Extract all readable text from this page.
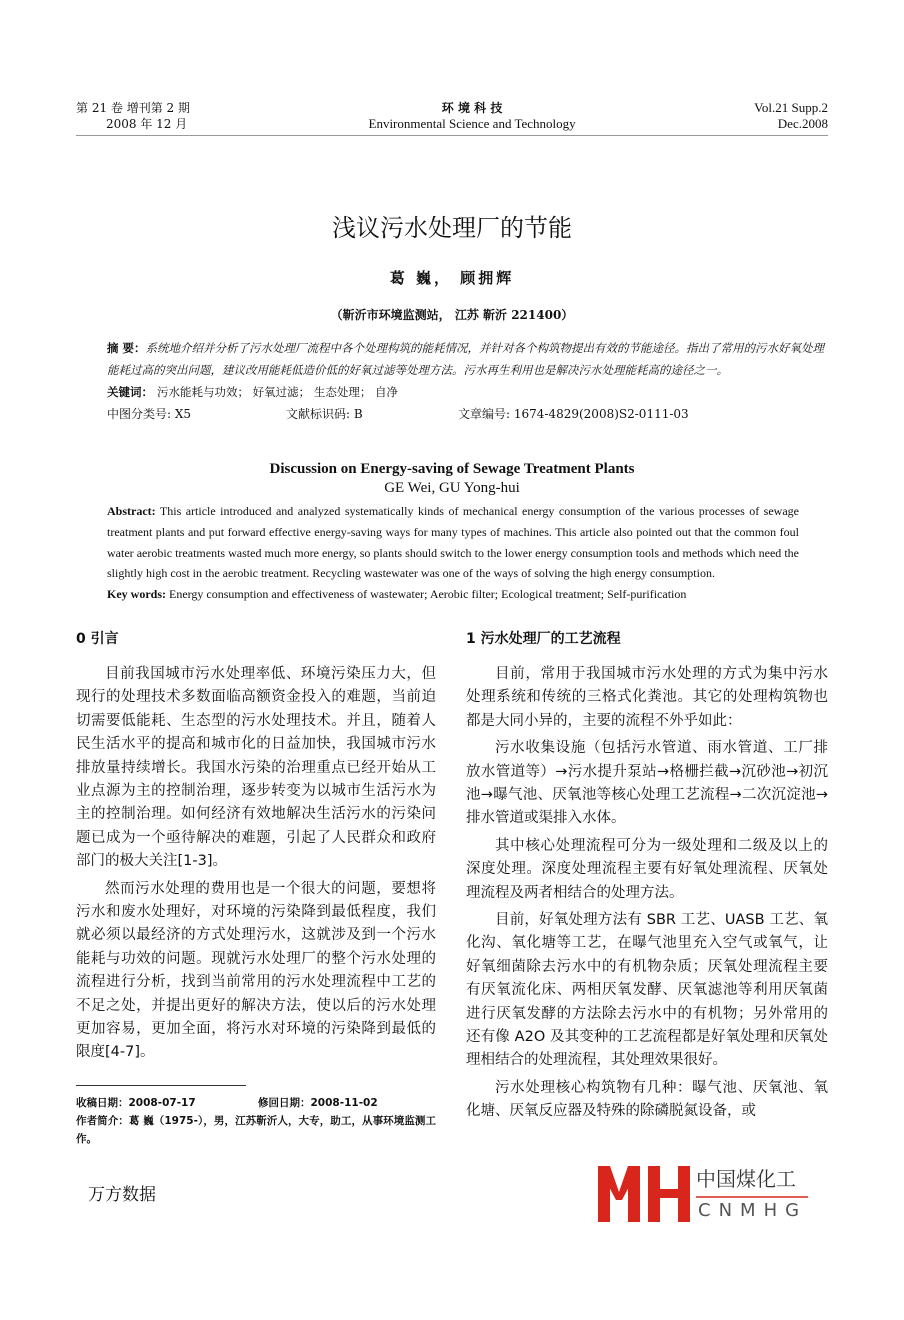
第 21 卷 增刊第 2 期
2008 年 12 月
环 境 科 技
Environmental Science and Technology
Vol.21 Supp.2
Dec.2008
浅议污水处理厂的节能
葛 巍， 顾拥辉
（靳沂市环境监测站， 江苏 靳沂 221400）
摘 要：系统地介绍并分析了污水处理厂流程中各个处理构筑的能耗情况，并针对各个构筑物提出有效的节能途径。指出了常用的污水好氧处理能耗过高的突出问题，建议改用能耗低造价低的好氧过滤等处理方法。污水再生利用也是解决污水处理能耗高的途径之一。
关键词： 污水能耗与功效； 好氧过滤； 生态处理； 自净
中图分类号: X5	文献标识码: B	文章编号: 1674-4829(2008)S2-0111-03
Discussion on Energy-saving of Sewage Treatment Plants
GE Wei, GU Yong-hui
Abstract: This article introduced and analyzed systematically kinds of mechanical energy consumption of the various processes of sewage treatment plants and put forward effective energy-saving ways for many types of machines. This article also pointed out that the common foul water aerobic treatments wasted much more energy, so plants should switch to the lower energy consumption tools and methods which need the slightly high cost in the aerobic treatment. Recycling wastewater was one of the ways of solving the high energy consumption.
Key words: Energy consumption and effectiveness of wastewater; Aerobic filter; Ecological treatment; Self-purification
0 引言

目前我国城市污水处理率低、环境污染压力大，但现行的处理技术多数面临高额资金投入的难题，当前迫切需要低能耗、生态型的污水处理技术。并且，随着人民生活水平的提高和城市化的日益加快，我国城市污水排放量持续增长。我国水污染的治理重点已经开始从工业点源为主的控制治理，逐步转变为以城市生活污水为主的控制治理。如何经济有效地解决生活污水的污染问题已成为一个亟待解决的难题，引起了人民群众和政府部门的极大关注[1-3]。

然而污水处理的费用也是一个很大的问题，要想将污水和废水处理好，对环境的污染降到最低程度，我们就必须以最经济的方式处理污水，这就涉及到一个污水能耗与功效的问题。现就污水处理厂的整个污水处理的流程进行分析，找到当前常用的污水处理流程中工艺的不足之处，并提出更好的解决方法，使以后的污水处理更加容易，更加全面，将污水对环境的污染降到最低的限度[4-7]。

收稿日期：2008-07-17	修回日期：2008-11-02
作者简介：葛 巍（1975-），男，江苏靳沂人，大专，助工，从事环境监测工作。
1 污水处理厂的工艺流程

目前，常用于我国城市污水处理的方式为集中污水处理系统和传统的三格式化粪池。其它的处理构筑物也都是大同小异的，主要的流程不外乎如此：

污水收集设施（包括污水管道、雨水管道、工厂排放水管道等）→污水提升泵站→格栅拦截→沉砂池→初沉池→曝气池、厌氧池等核心处理工艺流程→二次沉淀池→排水管道或渠排入水体。

其中核心处理流程可分为一级处理和二级及以上的深度处理。深度处理流程主要有好氧处理流程、厌氧处理流程及两者相结合的处理方法。

目前，好氧处理方法有 SBR 工艺、UASB 工艺、氧化沟、氧化塘等工艺，在曝气池里充入空气或氧气，让好氧细菌除去污水中的有机物杂质；厌氧处理流程主要有厌氧流化床、两相厌氧发酵、厌氧滤池等利用厌氧菌进行厌氧发酵的方法除去污水中的有机物；另外常用的还有像 A2O 及其变种的工艺流程都是好氧处理和厌氧处理相结合的处理流程，其处理效果很好。

污水处理核心构筑物有几种：曝气池、厌氧池、氧化塘、厌氧反应器及特殊的除磷脱氮设备，或

万方数据
中国煤化工
CNMHG
